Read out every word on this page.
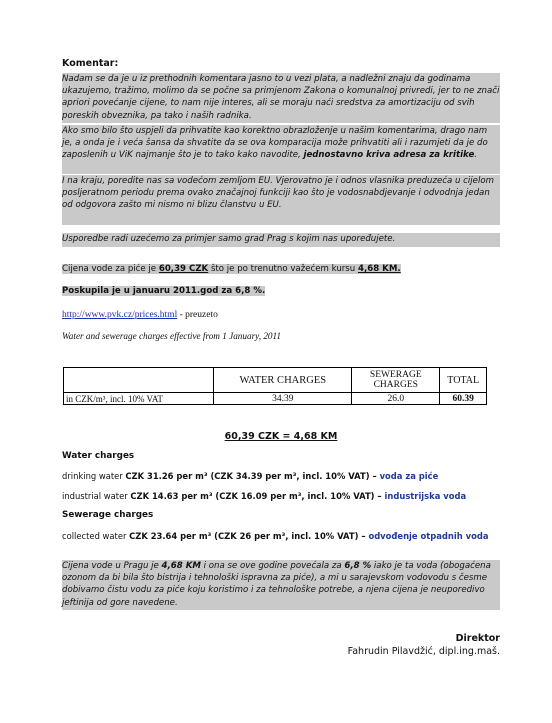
Komentar:
Nadam se da je u iz prethodnih komentara jasno to u vezi plata, a nadležni znaju da godinama ukazujemo, tražimo, molimo da se počne sa primjenom Zakona o komunalnoj privredi, jer to ne znači apriori povećanje cijene, to nam nije interes, ali se moraju naći sredstva za amortizaciju od svih poreskih obveznika, pa tako i naših radnika.
Ako smo bilo što uspjeli da prihvatite kao korektno obrazloženje u našim komentarima, drago nam je, a onda je i veća šansa da shvatite da se ova komparacija može prihvatiti ali i razumjeti da je do zaposlenih u ViK najmanje što je to tako kako navodite, jednostavno kriva adresa za kritike.
I na kraju, poredite nas sa vodećom zemljom EU. Vjerovatno je i odnos vlasnika preduzeća u cijelom posljeratnom periodu prema ovako značajnoj funkciji kao što je vodosnabdjevanje i odvodnja jedan od odgovora zašto mi nismo ni blizu članstvu u EU.
Usporedbe radi uzećemo za primjer samo grad Prag s kojim nas upoređujete.
Cijena vode za piće je 60,39 CZK što je po trenutno važećem kursu 4,68 KM.
Poskupila je u januaru 2011.god za 6,8 %.
http://www.pvk.cz/prices.html - preuzeto
Water and sewerage charges effective from 1 January, 2011
	WATER CHARGES	SEWERAGE CHARGES	TOTAL
in CZK/m³, incl. 10% VAT	34.39	26.0	60.39
60,39 CZK = 4,68 KM
Water charges
drinking water CZK 31.26 per m³ (CZK 34.39 per m³, incl. 10% VAT) – voda za piće
industrial water CZK 14.63 per m³ (CZK 16.09 per m³, incl. 10% VAT) – industrijska voda
Sewerage charges
collected water CZK 23.64 per m³ (CZK 26 per m³, incl. 10% VAT) – odvođenje otpadnih voda
Cijena vode u Pragu je 4,68 KM i ona se ove godine povećala za 6,8 % iako je ta voda (obogaćena ozonom da bi bila što bistrija i tehnološki ispravna za piće), a mi u sarajevskom vodovodu s česme dobivamo čistu vodu za piće koju koristimo i za tehnološke potrebe, a njena cijena je neuporedivo jeftinija od gore navedene.
Direktor
Fahrudin Pilavdžić, dipl.ing.maš.
